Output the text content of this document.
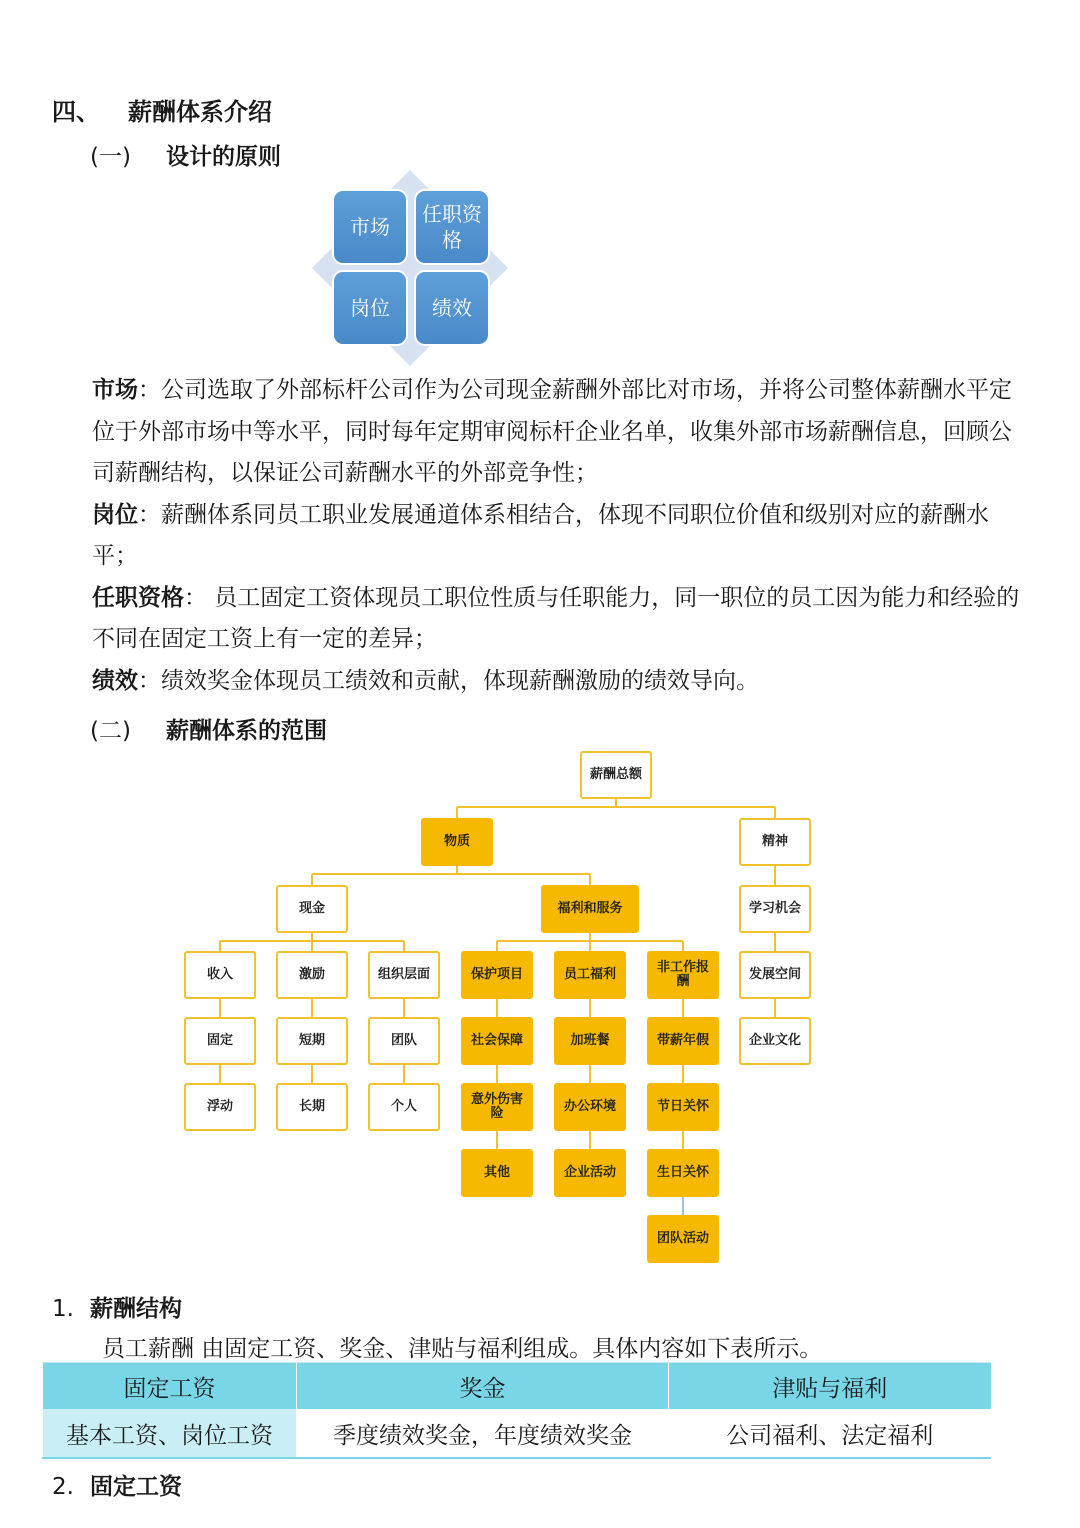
四、 薪酬体系介绍
(一) 设计的原则
市场
任职资格
岗位	绩效

市场：公司选取了外部标杆公司作为公司现金薪酬外部比对市场，并将公司整体薪酬水平定位于外部市场中等水平，同时每年定期审阅标杆企业名单，收集外部市场薪酬信息，回顾公司薪酬结构，以保证公司薪酬水平的外部竞争性；

岗位：薪酬体系同员工职业发展通道体系相结合，体现不同职位价值和级别对应的薪酬水平；

任职资格： 员工固定工资体现员工职位性质与任职能力，同一职位的员工因为能力和经验的不同在固定工资上有一定的差异；

绩效：绩效奖金体现员工绩效和贡献，体现薪酬激励的绩效导向。

(二) 薪酬体系的范围
薪酬总额
物质	精神
现金	福利和服务	学习机会
收入
固定
浮动
激励
短期
长期
组织层面
团队
个人
保护项目
社会保障
意外伤害险
其他
员工福利
加班餐
办公环境
企业活动
非工作报酬
带薪年假
节日关怀
生日关怀
团队活动
发展空间
企业文化
1. 薪酬结构
员工薪酬 由固定工资、奖金、津贴与福利组成。具体内容如下表所示。
固定工资	奖金	津贴与福利
基本工资、岗位工资	季度绩效奖金，年度绩效奖金	公司福利、法定福利
2. 固定工资
